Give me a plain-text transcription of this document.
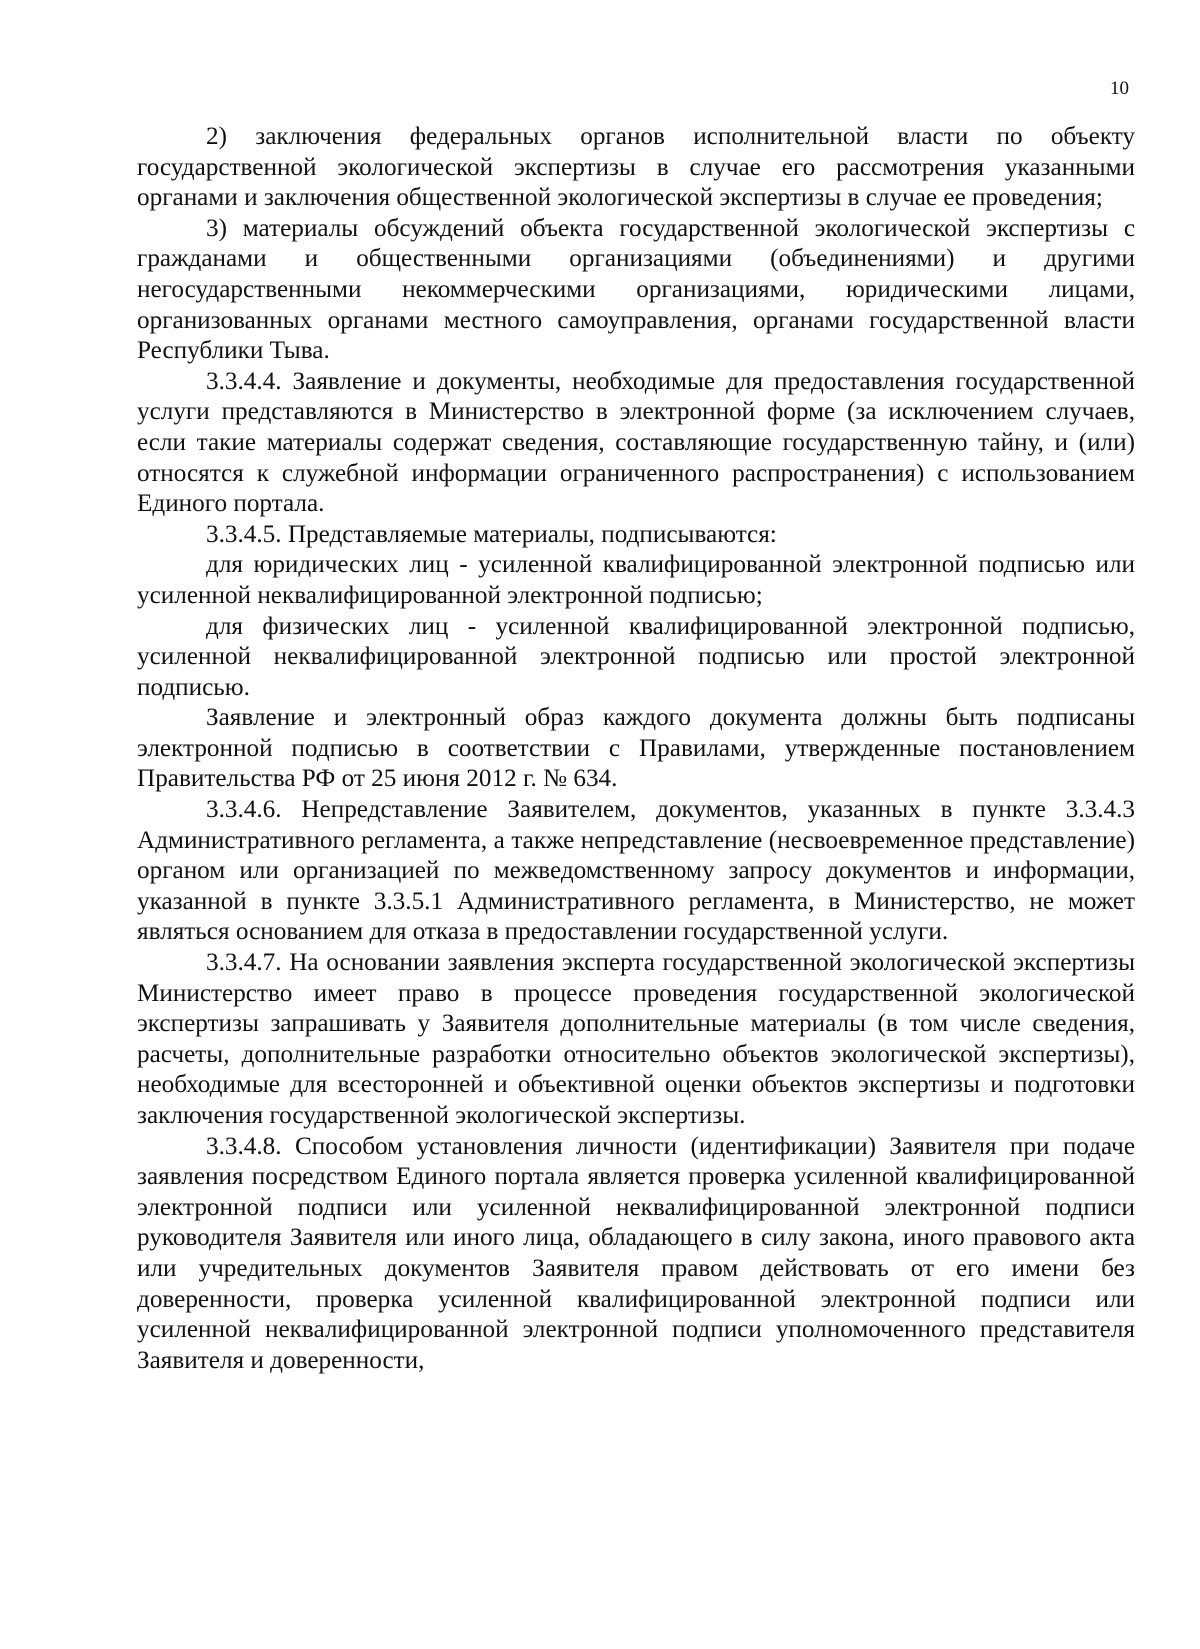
10

2) заключения федеральных органов исполнительной власти по объекту государственной экологической экспертизы в случае его рассмотрения указанными органами и заключения общественной экологической экспертизы в случае ее проведения;

3) материалы обсуждений объекта государственной экологической экспертизы с гражданами и общественными организациями (объединениями) и другими негосударственными некоммерческими организациями, юридическими лицами, организованных органами местного самоуправления, органами государственной власти Республики Тыва.

3.3.4.4. Заявление и документы, необходимые для предоставления государственной услуги представляются в Министерство в электронной форме (за исключением случаев, если такие материалы содержат сведения, составляющие государственную тайну, и (или) относятся к служебной информации ограниченного распространения) с использованием Единого портала.

3.3.4.5. Представляемые материалы, подписываются:

для юридических лиц - усиленной квалифицированной электронной подписью или усиленной неквалифицированной электронной подписью;

для физических лиц - усиленной квалифицированной электронной подписью, усиленной неквалифицированной электронной подписью или простой электронной подписью.

Заявление и электронный образ каждого документа должны быть подписаны электронной подписью в соответствии с Правилами, утвержденные постановлением Правительства РФ от 25 июня 2012 г. № 634.

3.3.4.6. Непредставление Заявителем, документов, указанных в пункте 3.3.4.3 Административного регламента, а также непредставление (несвоевременное представление) органом или организацией по межведомственному запросу документов и информации, указанной в пункте 3.3.5.1 Административного регламента, в Министерство, не может являться основанием для отказа в предоставлении государственной услуги.

3.3.4.7. На основании заявления эксперта государственной экологической экспертизы Министерство имеет право в процессе проведения государственной экологической экспертизы запрашивать у Заявителя дополнительные материалы (в том числе сведения, расчеты, дополнительные разработки относительно объектов экологической экспертизы), необходимые для всесторонней и объективной оценки объектов экспертизы и подготовки заключения государственной экологической экспертизы.

3.3.4.8. Способом установления личности (идентификации) Заявителя при подаче заявления посредством Единого портала является проверка усиленной квалифицированной электронной подписи или усиленной неквалифицированной электронной подписи руководителя Заявителя или иного лица, обладающего в силу закона, иного правового акта или учредительных документов Заявителя правом действовать от его имени без доверенности, проверка усиленной квалифицированной электронной подписи или усиленной неквалифицированной электронной подписи уполномоченного представителя Заявителя и доверенности,
